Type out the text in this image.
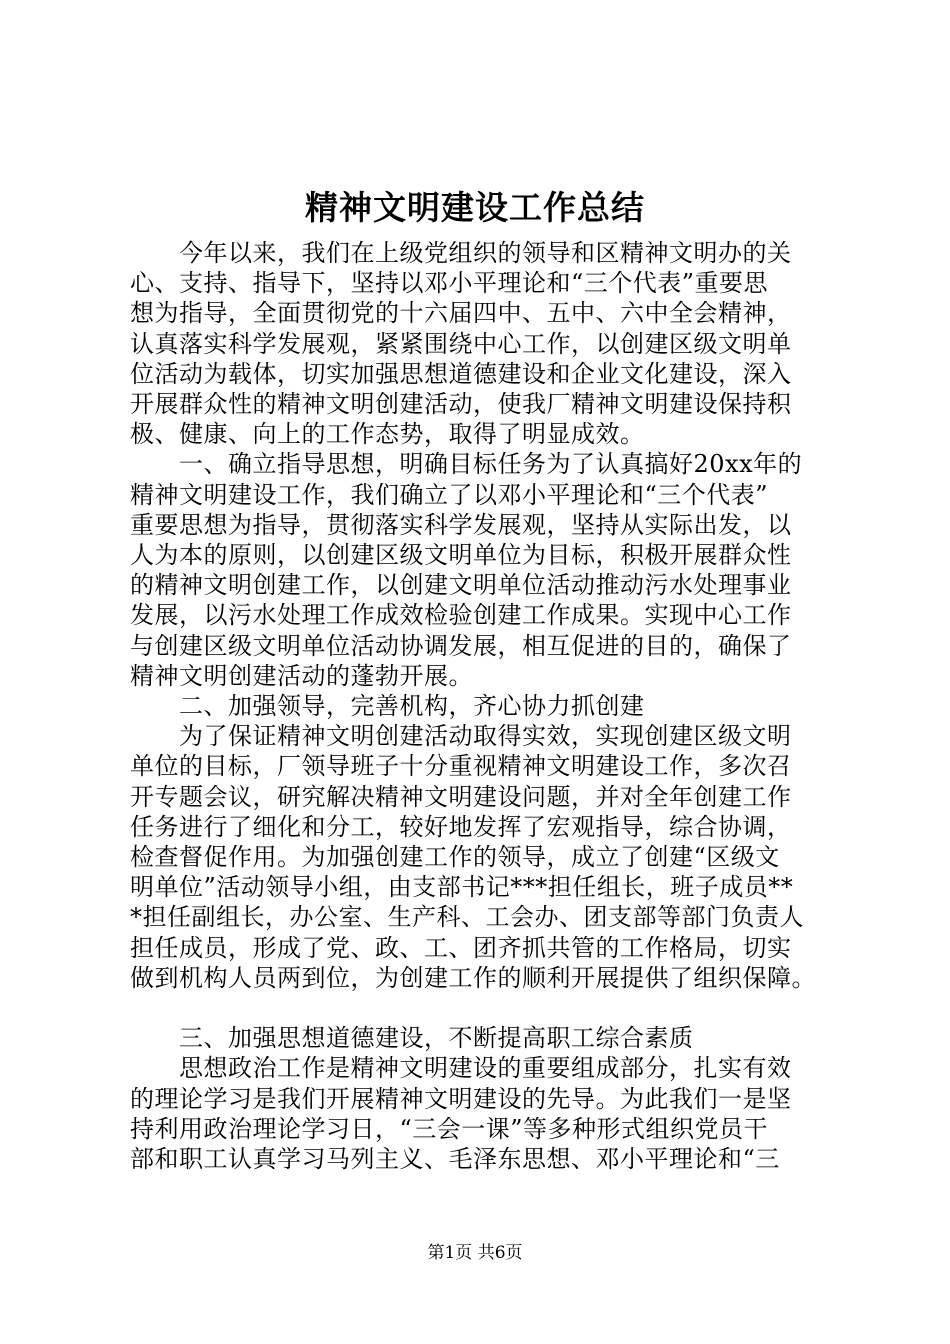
精神文明建设工作总结
　　今年以来，我们在上级党组织的领导和区精神文明办的关
心、支持、指导下，坚持以邓小平理论和“三个代表”重要思
想为指导，全面贯彻党的十六届四中、五中、六中全会精神，
认真落实科学发展观，紧紧围绕中心工作，以创建区级文明单
位活动为载体，切实加强思想道德建设和企业文化建设，深入
开展群众性的精神文明创建活动，使我厂精神文明建设保持积
极、健康、向上的工作态势，取得了明显成效。
　　一、确立指导思想，明确目标任务为了认真搞好20xx年的
精神文明建设工作，我们确立了以邓小平理论和“三个代表”
重要思想为指导，贯彻落实科学发展观，坚持从实际出发，以
人为本的原则，以创建区级文明单位为目标，积极开展群众性
的精神文明创建工作，以创建文明单位活动推动污水处理事业
发展，以污水处理工作成效检验创建工作成果。实现中心工作
与创建区级文明单位活动协调发展，相互促进的目的，确保了
精神文明创建活动的蓬勃开展。
　　二、加强领导，完善机构，齐心协力抓创建
　　为了保证精神文明创建活动取得实效，实现创建区级文明
单位的目标，厂领导班子十分重视精神文明建设工作，多次召
开专题会议，研究解决精神文明建设问题，并对全年创建工作
任务进行了细化和分工，较好地发挥了宏观指导，综合协调，
检查督促作用。为加强创建工作的领导，成立了创建“区级文
明单位”活动领导小组，由支部书记***担任组长，班子成员**
*担任副组长，办公室、生产科、工会办、团支部等部门负责人
担任成员，形成了党、政、工、团齐抓共管的工作格局，切实
做到机构人员两到位，为创建工作的顺利开展提供了组织保障。
　　三、加强思想道德建设，不断提高职工综合素质
　　思想政治工作是精神文明建设的重要组成部分，扎实有效
的理论学习是我们开展精神文明建设的先导。为此我们一是坚
持利用政治理论学习日，“三会一课”等多种形式组织党员干
部和职工认真学习马列主义、毛泽东思想、邓小平理论和“三
第1页 共6页
